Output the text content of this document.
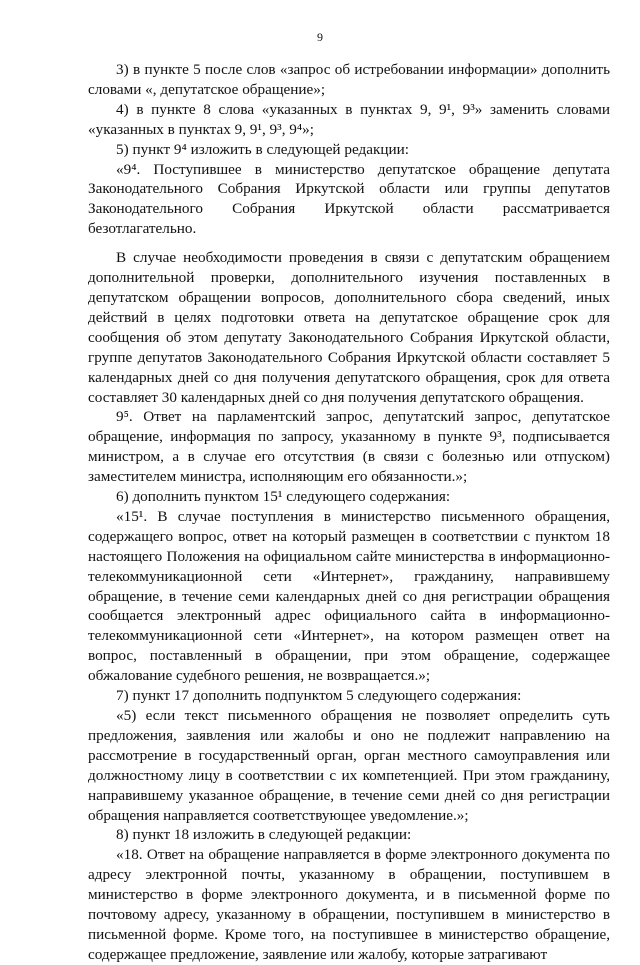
9

3) в пункте 5 после слов «запрос об истребовании информации» дополнить словами «, депутатское обращение»;

4) в пункте 8 слова «указанных в пунктах 9, 9¹, 9³» заменить словами «указанных в пунктах 9, 9¹, 9³, 9⁴»;

5) пункт 9⁴ изложить в следующей редакции:

«9⁴. Поступившее в министерство депутатское обращение депутата Законодательного Собрания Иркутской области или группы депутатов Законодательного Собрания Иркутской области рассматривается безотлагательно.

В случае необходимости проведения в связи с депутатским обращением дополнительной проверки, дополнительного изучения поставленных в депутатском обращении вопросов, дополнительного сбора сведений, иных действий в целях подготовки ответа на депутатское обращение срок для сообщения об этом депутату Законодательного Собрания Иркутской области, группе депутатов Законодательного Собрания Иркутской области составляет 5 календарных дней со дня получения депутатского обращения, срок для ответа составляет 30 календарных дней со дня получения депутатского обращения.

9⁵. Ответ на парламентский запрос, депутатский запрос, депутатское обращение, информация по запросу, указанному в пункте 9³, подписывается министром, а в случае его отсутствия (в связи с болезнью или отпуском) заместителем министра, исполняющим его обязанности.»;

6) дополнить пунктом 15¹ следующего содержания:

«15¹. В случае поступления в министерство письменного обращения, содержащего вопрос, ответ на который размещен в соответствии с пунктом 18 настоящего Положения на официальном сайте министерства в информационно-телекоммуникационной сети «Интернет», гражданину, направившему обращение, в течение семи календарных дней со дня регистрации обращения сообщается электронный адрес официального сайта в информационно-телекоммуникационной сети «Интернет», на котором размещен ответ на вопрос, поставленный в обращении, при этом обращение, содержащее обжалование судебного решения, не возвращается.»;

7) пункт 17 дополнить подпунктом 5 следующего содержания:

«5) если текст письменного обращения не позволяет определить суть предложения, заявления или жалобы и оно не подлежит направлению на рассмотрение в государственный орган, орган местного самоуправления или должностному лицу в соответствии с их компетенцией. При этом гражданину, направившему указанное обращение, в течение семи дней со дня регистрации обращения направляется соответствующее уведомление.»;

8) пункт 18 изложить в следующей редакции:

«18. Ответ на обращение направляется в форме электронного документа по адресу электронной почты, указанному в обращении, поступившем в министерство в форме электронного документа, и в письменной форме по почтовому адресу, указанному в обращении, поступившем в министерство в письменной форме. Кроме того, на поступившее в министерство обращение, содержащее предложение, заявление или жалобу, которые затрагивают
